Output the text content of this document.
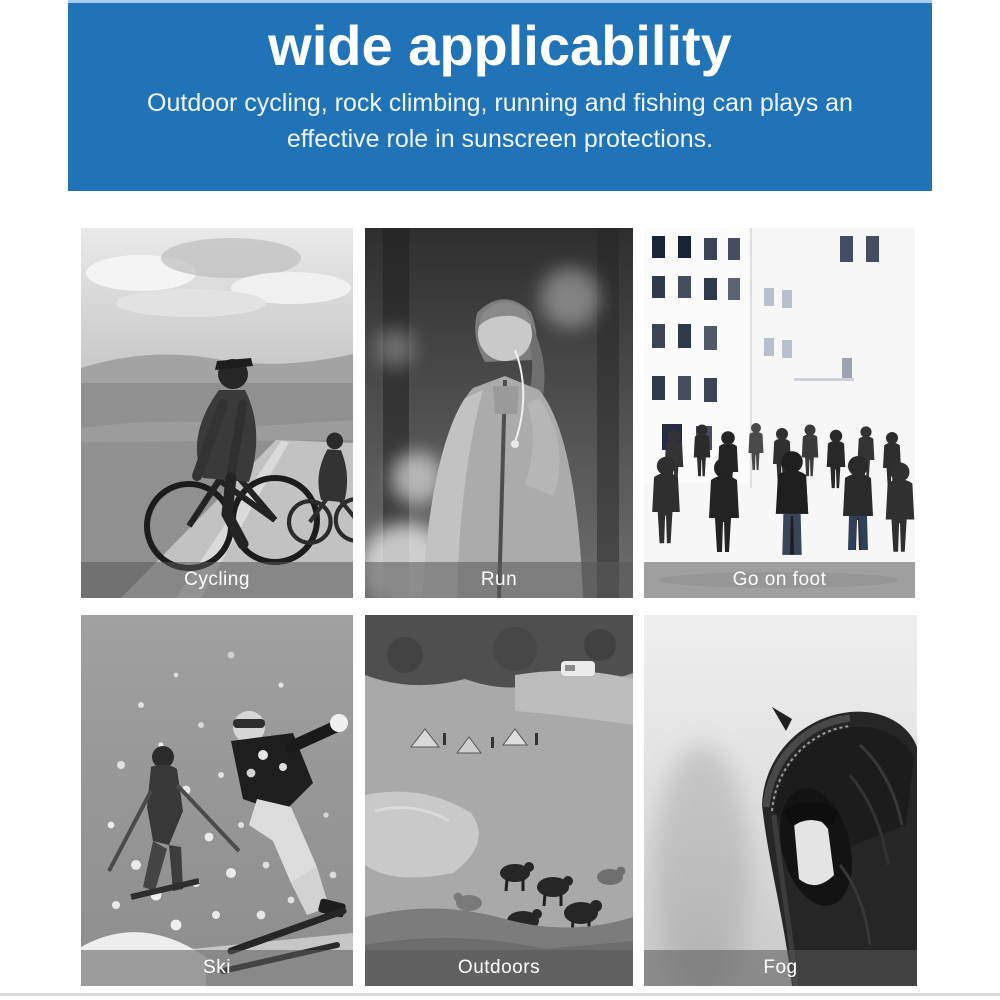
wide applicability
Outdoor cycling, rock climbing, running and fishing can plays an
effective role in sunscreen protections.
Cycling	Run	Go on foot
Ski	Outdoors	Fog
